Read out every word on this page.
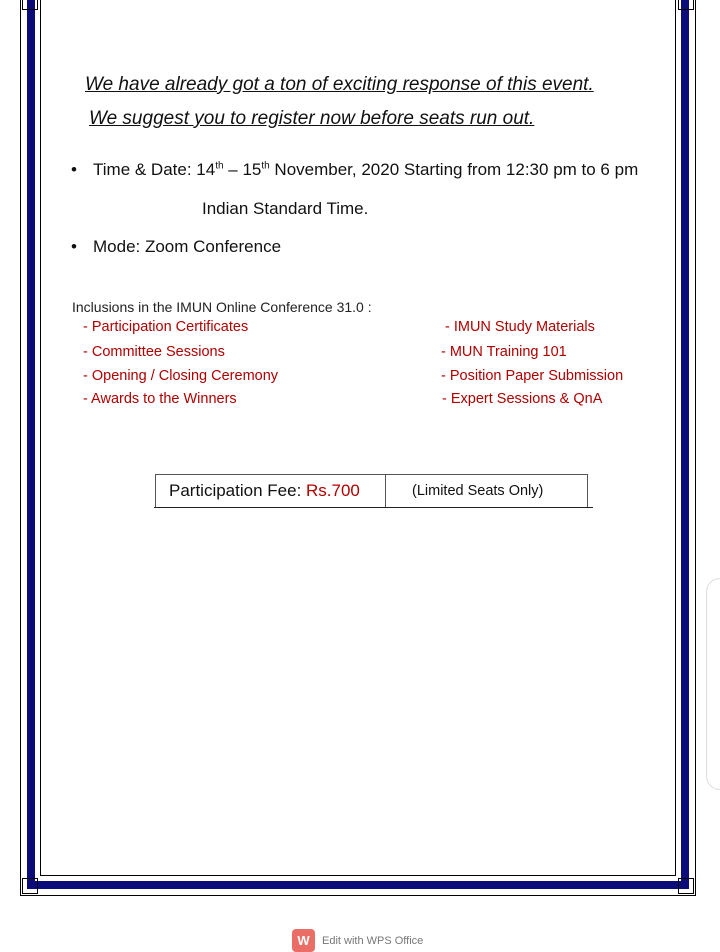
We have already got a ton of exciting response of this event.
We suggest you to register now before seats run out.
• Time & Date: 14th – 15th November, 2020 Starting from 12:30 pm to 6 pm
Indian Standard Time.
• Mode: Zoom Conference
Inclusions in the IMUN Online Conference 31.0 :
- Participation Certificates
- Committee Sessions
- Opening / Closing Ceremony
- Awards to the Winners
- IMUN Study Materials
- MUN Training 101
- Position Paper Submission
- Expert Sessions & QnA
Participation Fee: Rs.700	(Limited Seats Only)
W	Edit with WPS Office
